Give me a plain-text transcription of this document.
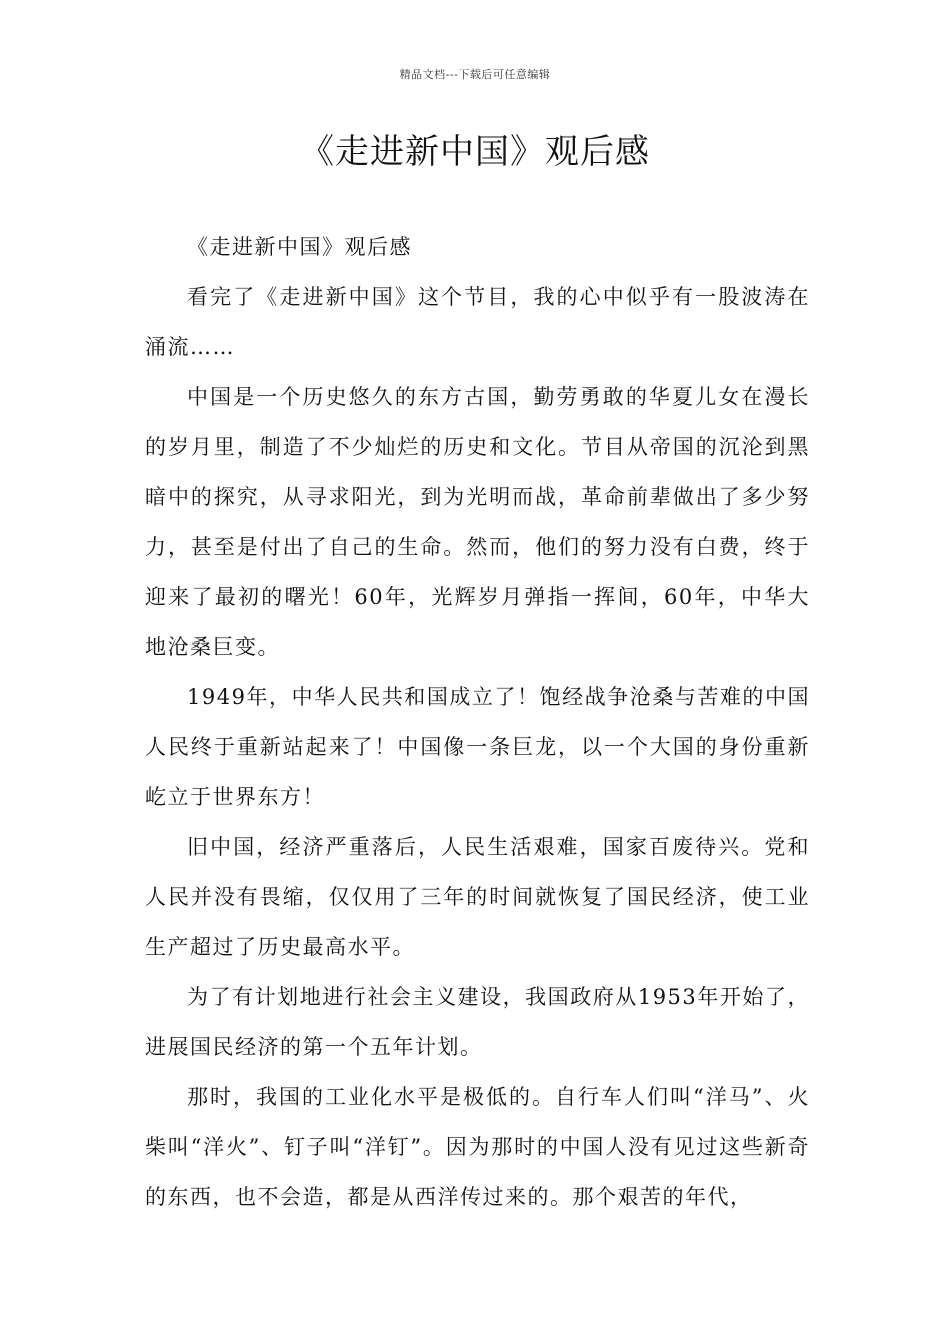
精品文档---下载后可任意编辑
《走进新中国》观后感

《走进新中国》观后感

看完了《走进新中国》这个节目，我的心中似乎有一股波涛在涌流……

中国是一个历史悠久的东方古国，勤劳勇敢的华夏儿女在漫长的岁月里，制造了不少灿烂的历史和文化。节目从帝国的沉沦到黑暗中的探究，从寻求阳光，到为光明而战，革命前辈做出了多少努力，甚至是付出了自己的生命。然而，他们的努力没有白费，终于迎来了最初的曙光！60年，光辉岁月弹指一挥间，60年，中华大地沧桑巨变。

1949年，中华人民共和国成立了！饱经战争沧桑与苦难的中国人民终于重新站起来了！中国像一条巨龙，以一个大国的身份重新屹立于世界东方！

旧中国，经济严重落后，人民生活艰难，国家百废待兴。党和人民并没有畏缩，仅仅用了三年的时间就恢复了国民经济，使工业生产超过了历史最高水平。

为了有计划地进行社会主义建设，我国政府从1953年开始了，进展国民经济的第一个五年计划。

那时，我国的工业化水平是极低的。自行车人们叫“洋马”、火柴叫“洋火”、钉子叫“洋钉”。因为那时的中国人没有见过这些新奇的东西，也不会造，都是从西洋传过来的。那个艰苦的年代，
